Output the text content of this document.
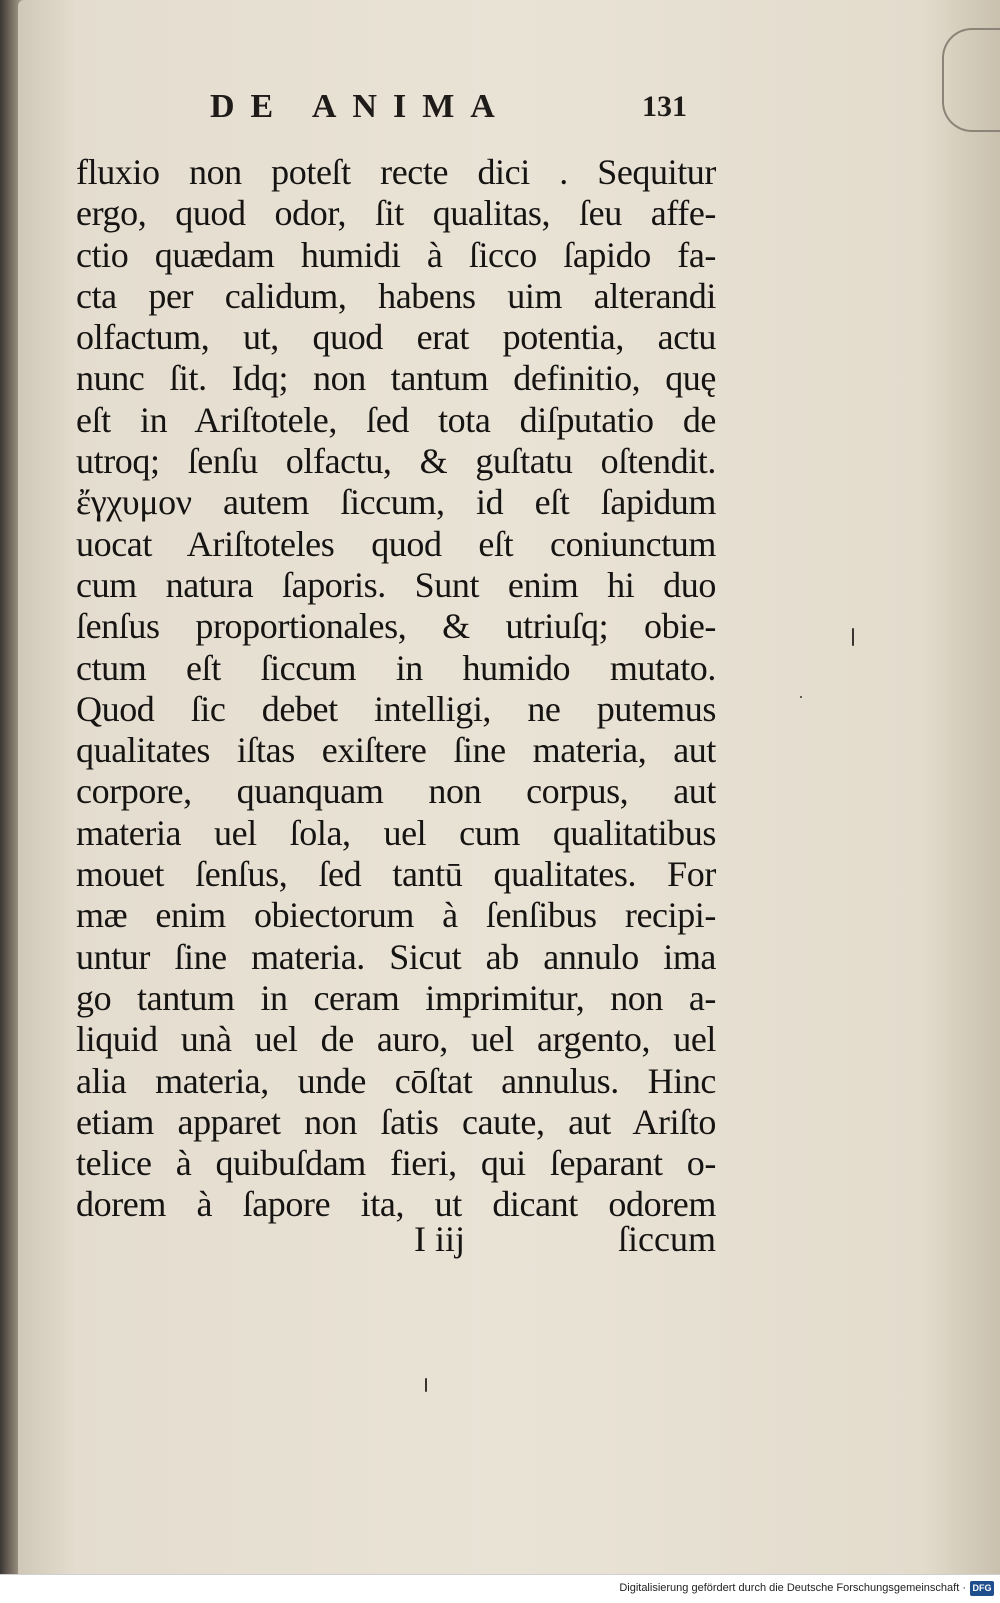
DE ANIMA	131
fluxio non poteſt recte dici . Sequitur
ergo, quod odor, ſit qualitas, ſeu affe-
ctio quædam humidi à ſicco ſapido fa-
cta per calidum, habens uim alterandi
olfactum, ut, quod erat potentia, actu
nunc ſit. Idq; non tantum definitio, quę
eſt in Ariſtotele, ſed tota diſputatio de
utroq; ſenſu olfactu, & guſtatu oſtendit.
ἔγχυμον autem ſiccum, id eſt ſapidum
uocat Ariſtoteles quod eſt coniunctum
cum natura ſaporis. Sunt enim hi duo
ſenſus proportionales, & utriuſq; obie-
ctum eſt ſiccum in humido mutato.
Quod ſic debet intelligi, ne putemus
qualitates iſtas exiſtere ſine materia, aut
corpore, quanquam non corpus, aut
materia uel ſola, uel cum qualitatibus
mouet ſenſus, ſed tantū qualitates. For
mæ enim obiectorum à ſenſibus recipi-
untur ſine materia. Sicut ab annulo ima
go tantum in ceram imprimitur, non a-
liquid unà uel de auro, uel argento, uel
alia materia, unde cōſtat annulus. Hinc
etiam apparet non ſatis caute, aut Ariſto
telice à quibuſdam fieri, qui ſeparant o-
dorem à ſapore ita, ut dicant odorem
I iij	ſiccum
Digitalisierung gefördert durch die Deutsche Forschungsgemeinschaft · DFG
